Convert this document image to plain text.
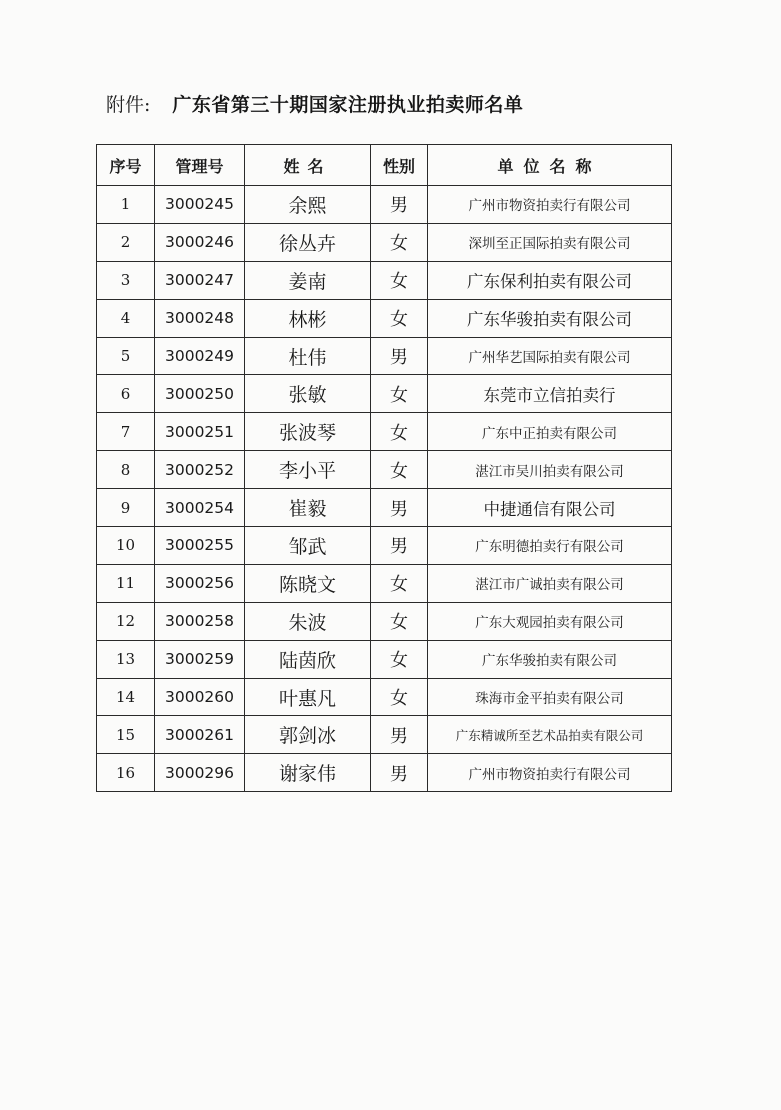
附件: 广东省第三十期国家注册执业拍卖师名单
序号	管理号	姓名	性别	单位名称
1	3000245	余熙	男	广州市物资拍卖行有限公司
2	3000246	徐丛卉	女	深圳至正国际拍卖有限公司
3	3000247	姜南	女	广东保利拍卖有限公司
4	3000248	林彬	女	广东华骏拍卖有限公司
5	3000249	杜伟	男	广州华艺国际拍卖有限公司
6	3000250	张敏	女	东莞市立信拍卖行
7	3000251	张波琴	女	广东中正拍卖有限公司
8	3000252	李小平	女	湛江市吴川拍卖有限公司
9	3000254	崔毅	男	中捷通信有限公司
10	3000255	邹武	男	广东明德拍卖行有限公司
11	3000256	陈晓文	女	湛江市广诚拍卖有限公司
12	3000258	朱波	女	广东大观园拍卖有限公司
13	3000259	陆茵欣	女	广东华骏拍卖有限公司
14	3000260	叶惠凡	女	珠海市金平拍卖有限公司
15	3000261	郭剑冰	男	广东精诚所至艺术品拍卖有限公司
16	3000296	谢家伟	男	广州市物资拍卖行有限公司
